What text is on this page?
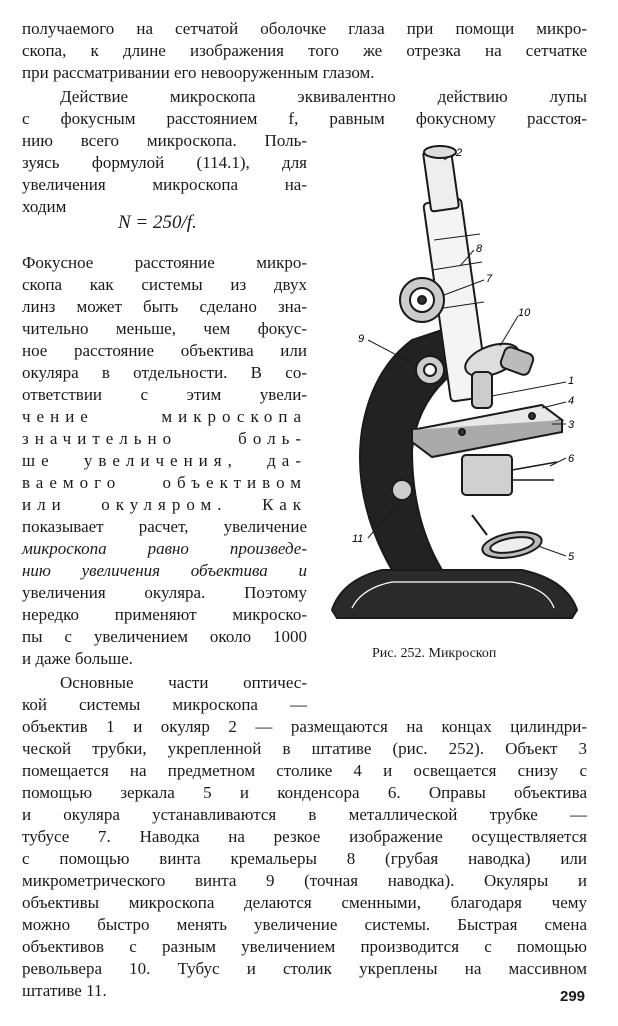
получаемого на сетчатой оболочке глаза при помощи микро-
скопа, к длине изображения того же отрезка на сетчатке
при рассматривании его невооруженным глазом.
Действие микроскопа эквивалентно действию лупы
с фокусным расстоянием f, равным фокусному расстоя-
нию всего микроскопа. Поль-
зуясь формулой (114.1), для
увеличения микроскопа на-
ходим
N = 250/f.
Фокусное расстояние микро-
скопа как системы из двух
линз может быть сделано зна-
чительно меньше, чем фокус-
ное расстояние объектива или
окуляра в отдельности. В со-
ответствии с этим увели-
чение микроскопа
значительно боль-
ше увеличения, да-
ваемого объективом
или окуляром. Как
показывает расчет, увеличение
микроскопа равно произведе-
нию увеличения объектива и
увеличения окуляра. Поэтому
нередко применяют микроско-
пы с увеличением около 1000
и даже больше.
Основные части оптичес-
кой системы микроскопа —
объектив 1 и окуляр 2 — размещаются на концах цилиндри-
ческой трубки, укрепленной в штативе (рис. 252). Объект 3
помещается на предметном столике 4 и освещается снизу с
помощью зеркала 5 и конденсора 6. Оправы объектива
и окуляра устанавливаются в металлической трубке —
тубусе 7. Наводка на резкое изображение осуществляется
с помощью винта кремальеры 8 (грубая наводка) или
микрометрического винта 9 (точная наводка). Окуляры и
объективы микроскопа делаются сменными, благодаря чему
можно быстро менять увеличение системы. Быстрая смена
объективов с разным увеличением производится с помощью
револьвера 10. Тубус и столик укреплены на массивном
штативе 11.
2
8
7
10
9
1
4
3
6
11
5
Рис. 252. Микроскоп
299
